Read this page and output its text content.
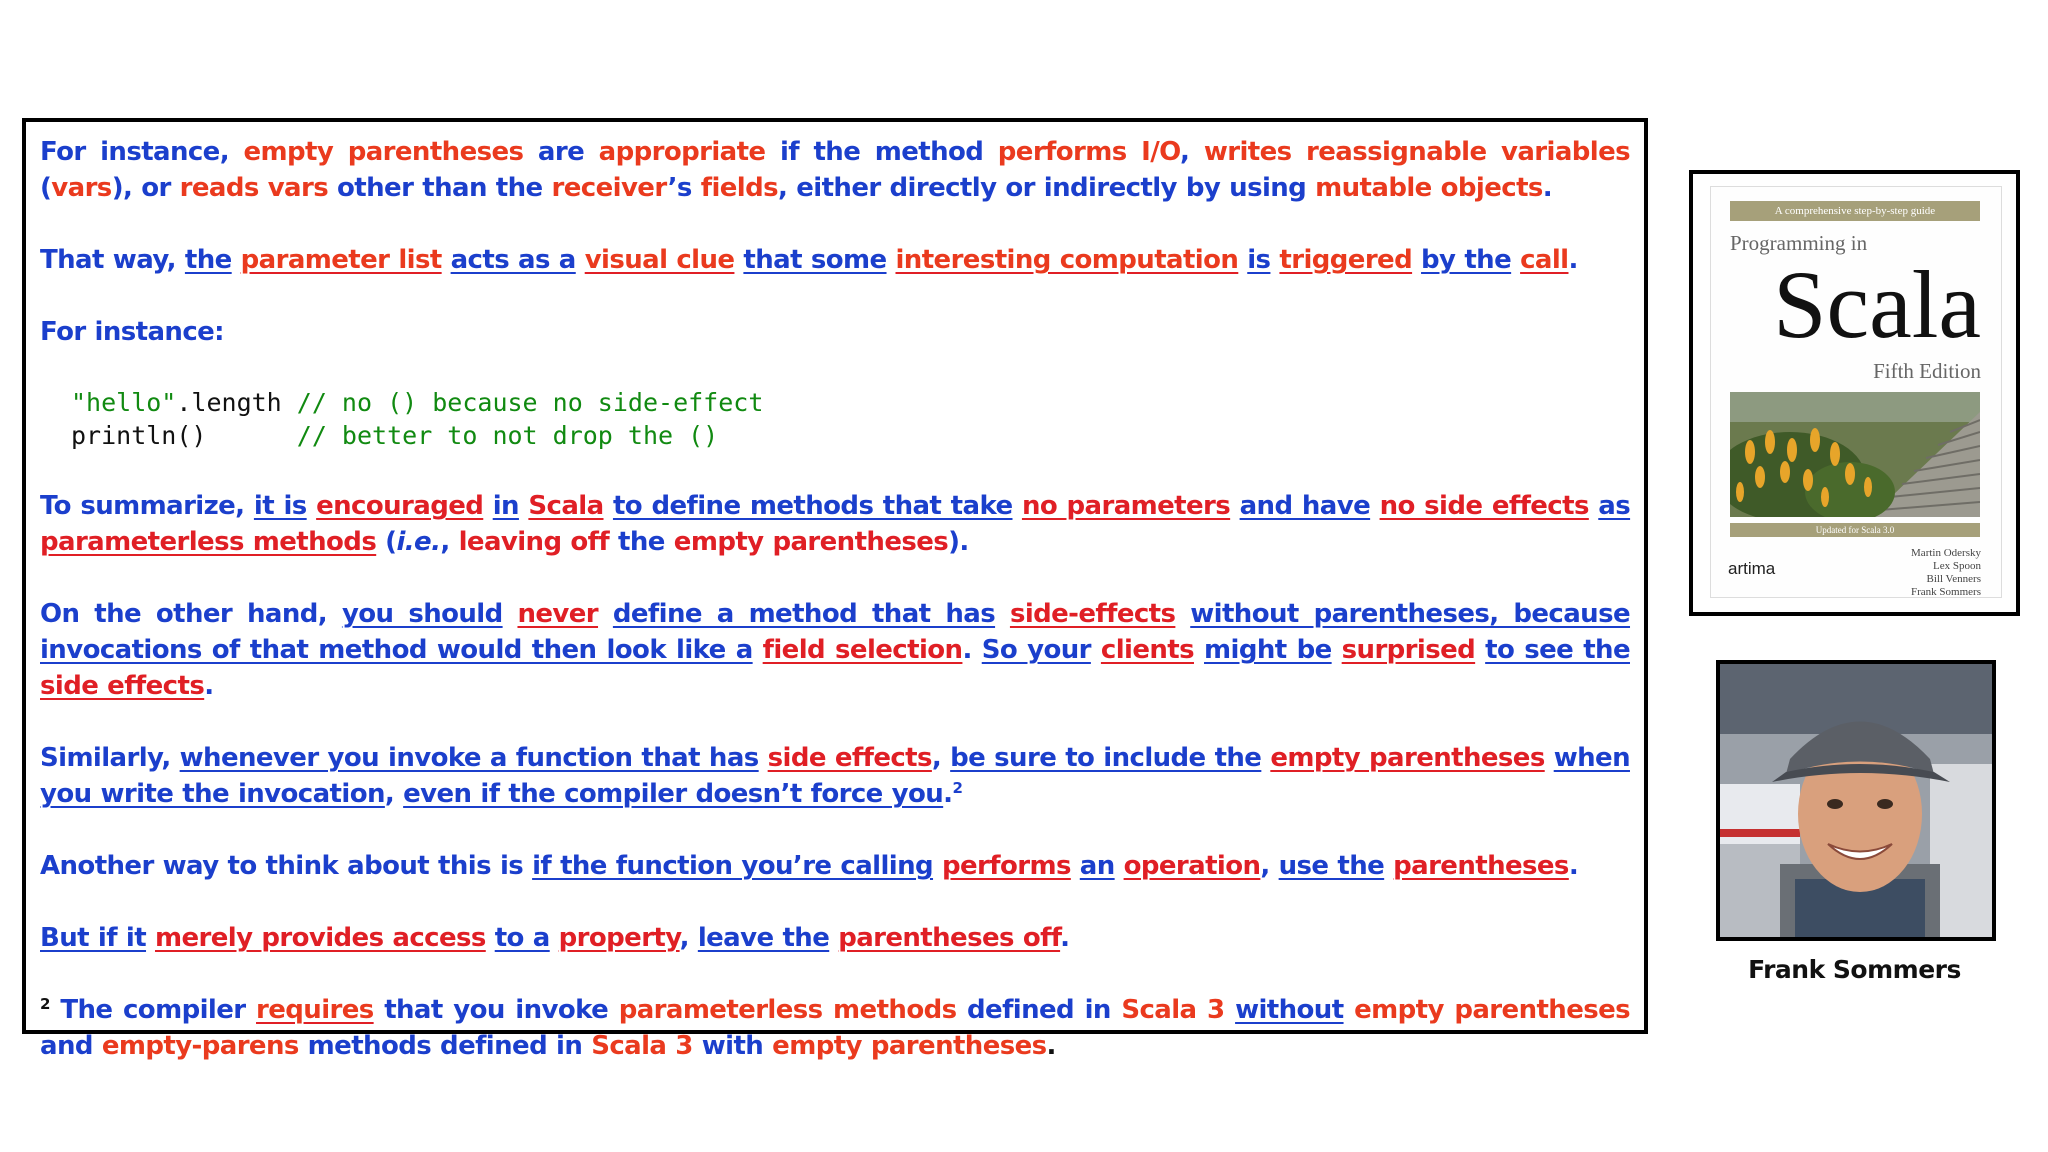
For instance, empty parentheses are appropriate if the method performs I/O, writes reassignable variables (vars), or reads vars other than the receiver’s fields, either directly or indirectly by using mutable objects.

That way, the parameter list acts as a visual clue that some interesting computation is triggered by the call.

For instance:

"hello".length // no () because no side-effect
println()      // better to not drop the ()

To summarize, it is encouraged in Scala to define methods that take no parameters and have no side effects as parameterless methods (i.e., leaving off the empty parentheses).

On the other hand, you should never define a method that has side-effects without parentheses, because invocations of that method would then look like a field selection. So your clients might be surprised to see the side effects.

Similarly, whenever you invoke a function that has side effects, be sure to include the empty parentheses when you write the invocation, even if the compiler doesn’t force you.$^2$

Another way to think about this is if the function you’re calling performs an operation, use the parentheses.

But if it merely provides access to a property, leave the parentheses off.

$^2$ The compiler requires that you invoke parameterless methods defined in Scala 3 without empty parentheses and empty-parens methods defined in Scala 3 with empty parentheses.

A comprehensive step-by-step guide
Programming in
Scala
Fifth Edition
Updated for Scala 3.0
artima
Martin Odersky
Lex Spoon
Bill Venners
Frank Sommers
Frank Sommers
